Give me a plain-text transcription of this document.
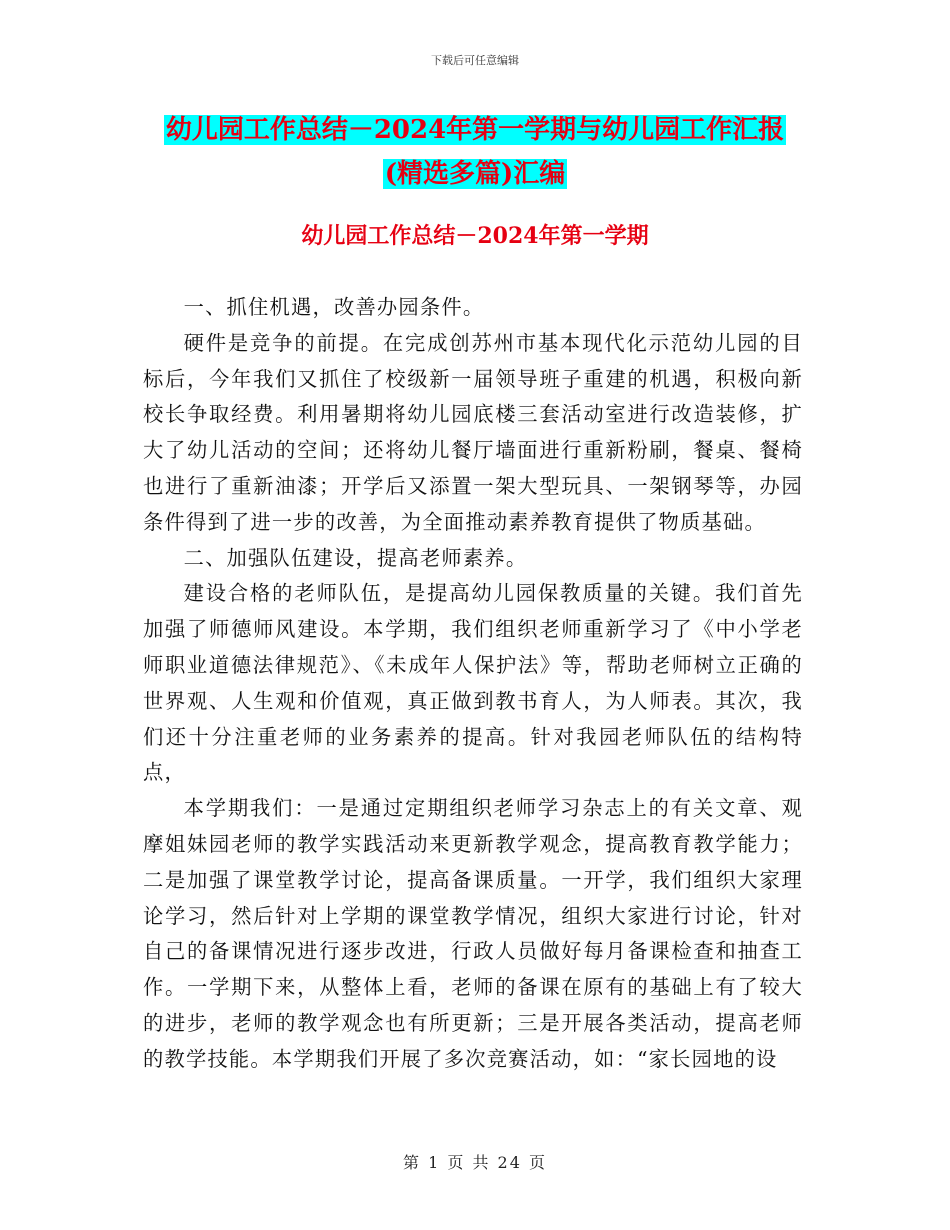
下载后可任意编辑
幼儿园工作总结－2024年第一学期与幼儿园工作汇报
(精选多篇)汇编
幼儿园工作总结－2024年第一学期

一、抓住机遇，改善办园条件。

硬件是竞争的前提。在完成创苏州市基本现代化示范幼儿园的目标后，今年我们又抓住了校级新一届领导班子重建的机遇，积极向新校长争取经费。利用暑期将幼儿园底楼三套活动室进行改造装修，扩大了幼儿活动的空间；还将幼儿餐厅墙面进行重新粉刷，餐桌、餐椅也进行了重新油漆；开学后又添置一架大型玩具、一架钢琴等，办园条件得到了进一步的改善，为全面推动素养教育提供了物质基础。

二、加强队伍建设，提高老师素养。

建设合格的老师队伍，是提高幼儿园保教质量的关键。我们首先加强了师德师风建设。本学期，我们组织老师重新学习了《中小学老师职业道德法律规范》、《未成年人保护法》等，帮助老师树立正确的世界观、人生观和价值观，真正做到教书育人，为人师表。其次，我们还十分注重老师的业务素养的提高。针对我园老师队伍的结构特点，

本学期我们：一是通过定期组织老师学习杂志上的有关文章、观摩姐妹园老师的教学实践活动来更新教学观念，提高教育教学能力；二是加强了课堂教学讨论，提高备课质量。一开学，我们组织大家理论学习，然后针对上学期的课堂教学情况，组织大家进行讨论，针对自己的备课情况进行逐步改进，行政人员做好每月备课检查和抽查工作。一学期下来，从整体上看，老师的备课在原有的基础上有了较大的进步，老师的教学观念也有所更新；三是开展各类活动，提高老师的教学技能。本学期我们开展了多次竞赛活动，如：“家长园地的设

第 1 页 共 24 页
